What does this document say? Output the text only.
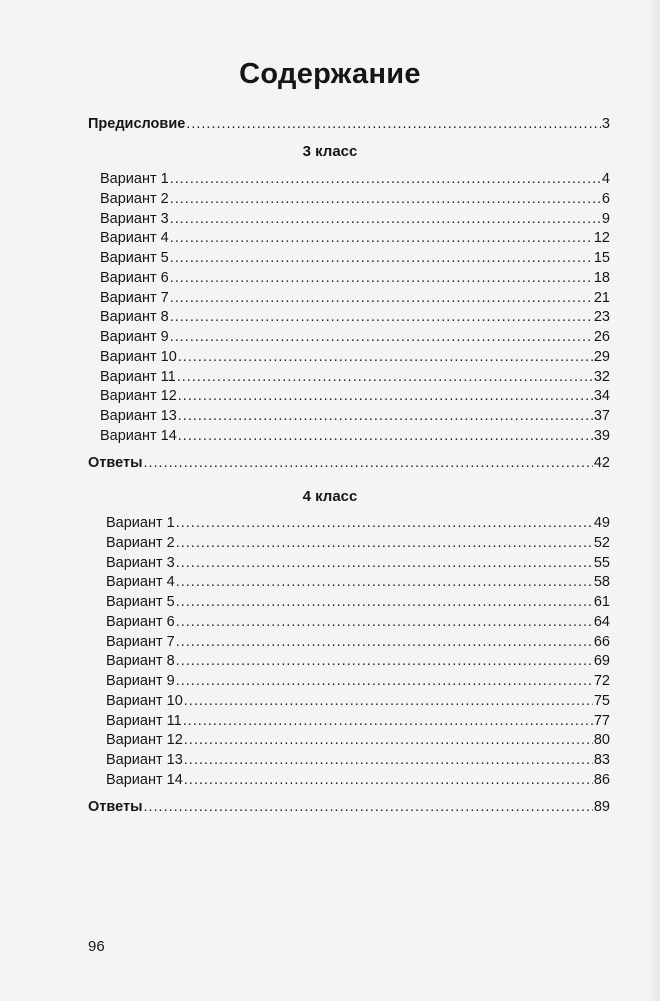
Содержание
Предисловие .....	3
3 класс
Вариант 1 .....	4
Вариант 2 .....	6
Вариант 3 .....	9
Вариант 4 .....	12
Вариант 5 .....	15
Вариант 6 .....	18
Вариант 7 .....	21
Вариант 8 .....	23
Вариант 9 .....	26
Вариант 10 .....	29
Вариант 11 .....	32
Вариант 12 .....	34
Вариант 13 .....	37
Вариант 14 .....	39
Ответы .....	42
4 класс
Вариант 1 .....	49
Вариант 2 .....	52
Вариант 3 .....	55
Вариант 4 .....	58
Вариант 5 .....	61
Вариант 6 .....	64
Вариант 7 .....	66
Вариант 8 .....	69
Вариант 9 .....	72
Вариант 10 .....	75
Вариант 11 .....	77
Вариант 12 .....	80
Вариант 13 .....	83
Вариант 14 .....	86
Ответы .....	89
96
